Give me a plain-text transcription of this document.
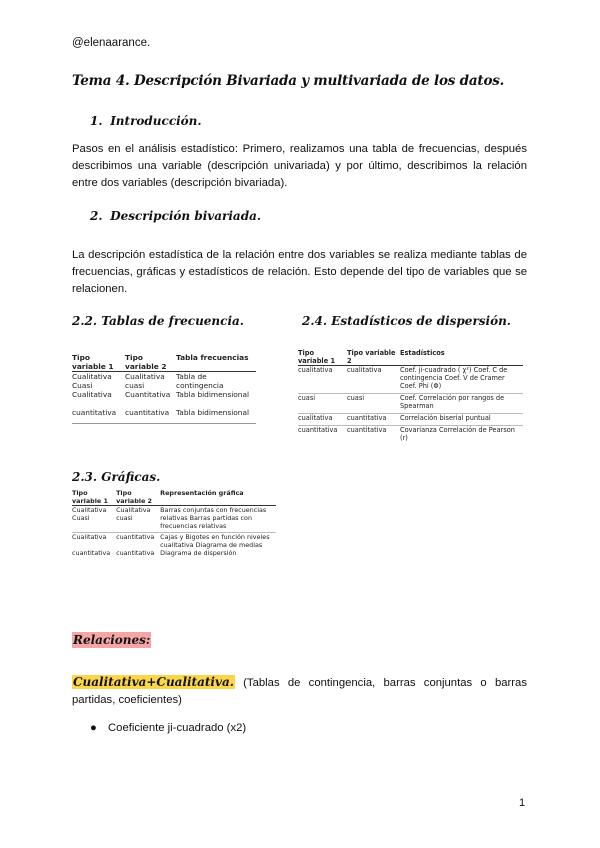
@elenaarance.
Tema 4. Descripción Bivariada y multivariada de los datos.
1. Introducción.
Pasos en el análisis estadístico: Primero, realizamos una tabla de frecuencias, después describimos una variable (descripción univariada) y por último, describimos la relación entre dos variables (descripción bivariada).
2. Descripción bivariada.
La descripción estadística de la relación entre dos variables se realiza mediante tablas de frecuencias, gráficas y estadísticos de relación. Esto depende del tipo de variables que se relacionen.
2.2. Tablas de frecuencia.	2.4. Estadísticos de dispersión.
2.3. Gráficas.
Tipo variable 1	Tipo variable 2	Tabla frecuencias
Cualitativa Cuasi	Cualitativa cuasi	Tabla de contingencia
Cualitativa	Cuantitativa	Tabla bidimensional
cuantitativa	cuantitativa	Tabla bidimensional
Tipo variable 1	Tipo variable 2	Estadísticos
cualitativa	cualitativa	Coef. ji-cuadrado ( χ²) Coef. C de contingencia Coef. V de Cramer Coef. Phi (Φ)
cuasi	cuasi	Coef. Correlación por rangos de Spearman
cualitativa	cuantitativa	Correlación biserial puntual
cuantitativa	cuantitativa	Covarianza Correlación de Pearson (r)
Tipo variable 1	Tipo variable 2	Representación gráfica
Cualitativa Cuasi	Cualitativa cuasi	Barras conjuntas con frecuencias relativas Barras partidas con frecuencias relativas
Cualitativa	cuantitativa	Cajas y Bigotes en función niveles cualitativa Diagrama de medias
cuantitativa	cuantitativa	Diagrama de dispersión
Relaciones:
Cualitativa+Cualitativa. (Tablas de contingencia, barras conjuntas o barras partidas, coeficientes)
● Coeficiente ji-cuadrado (x2)
1
